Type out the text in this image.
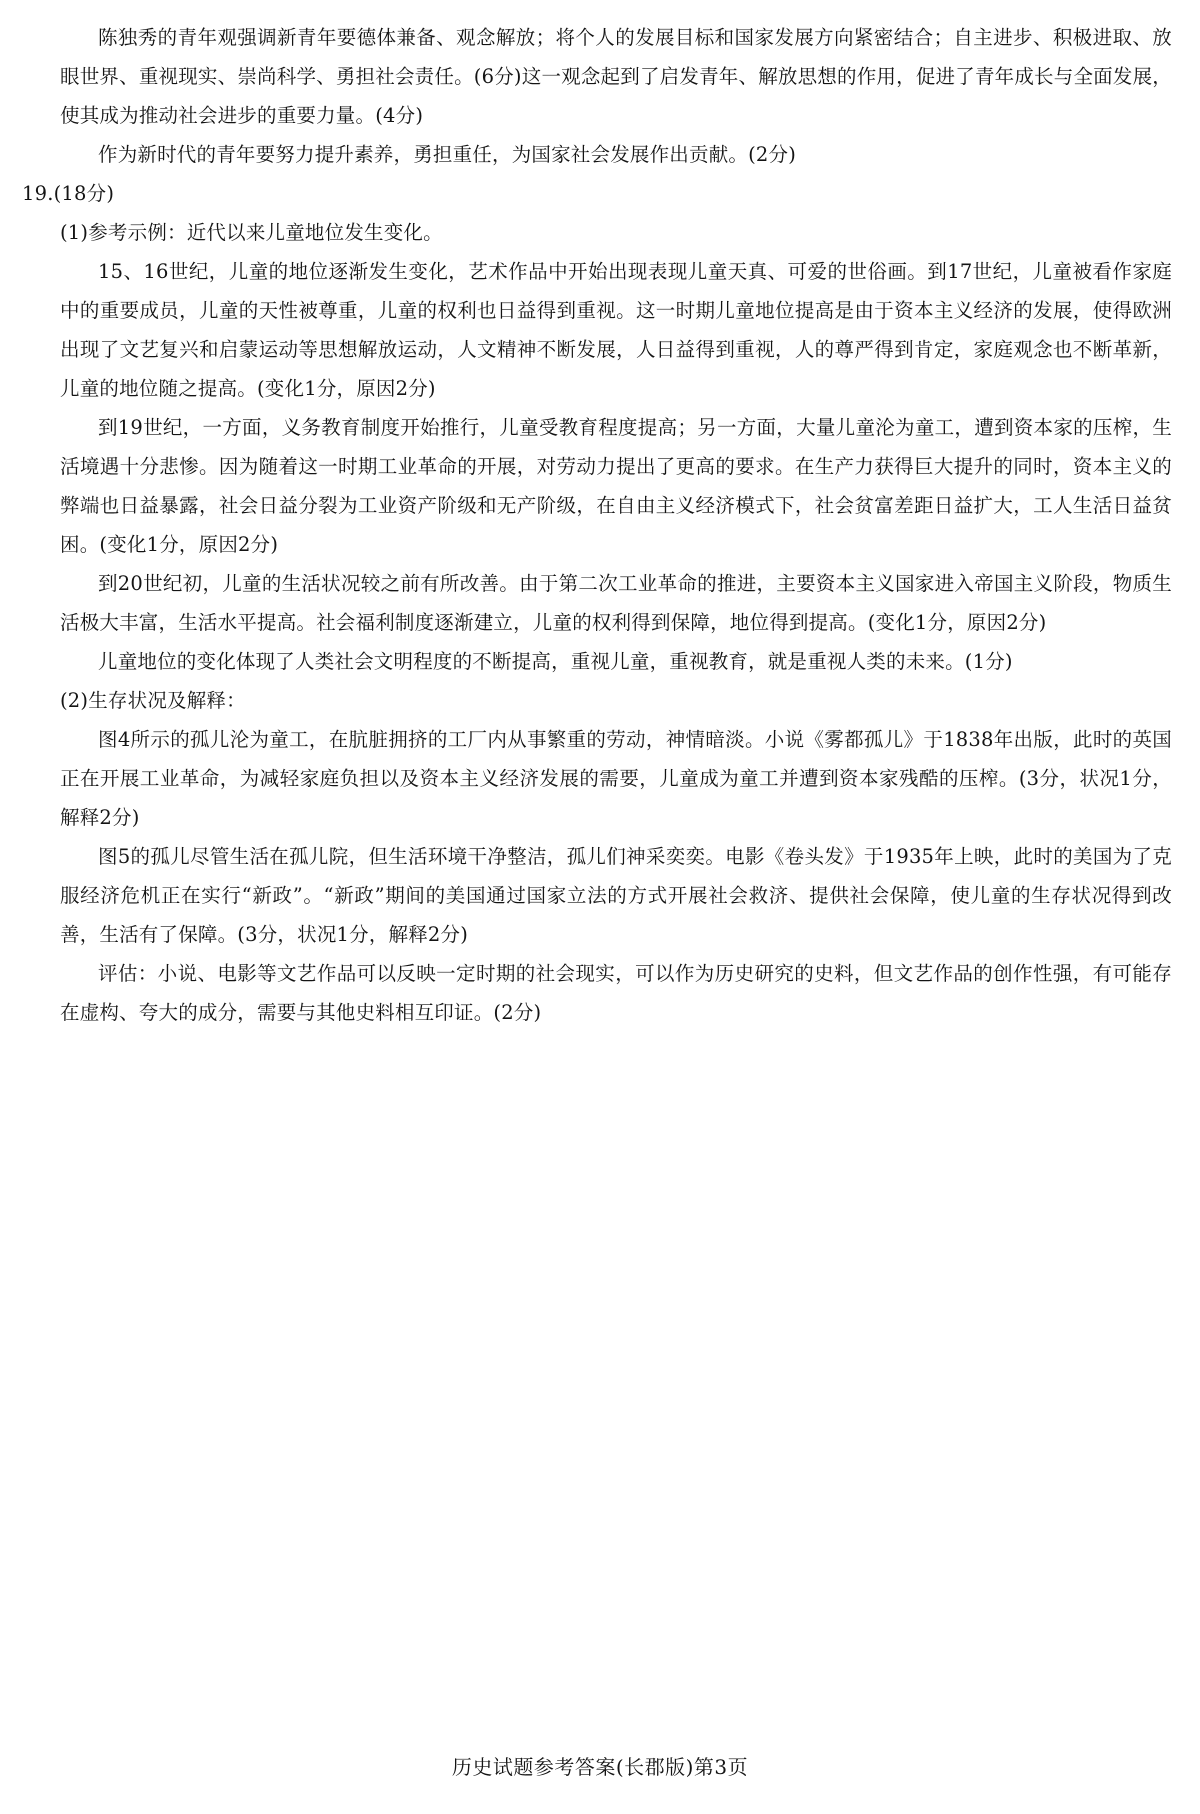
陈独秀的青年观强调新青年要德体兼备、观念解放；将个人的发展目标和国家发展方向紧密结合；自主进步、积极进取、放眼世界、重视现实、崇尚科学、勇担社会责任。(6分)这一观念起到了启发青年、解放思想的作用，促进了青年成长与全面发展，使其成为推动社会进步的重要力量。(4分)

作为新时代的青年要努力提升素养，勇担重任，为国家社会发展作出贡献。(2分)

19.(18分)

(1)参考示例：近代以来儿童地位发生变化。

15、16世纪，儿童的地位逐渐发生变化，艺术作品中开始出现表现儿童天真、可爱的世俗画。到17世纪，儿童被看作家庭中的重要成员，儿童的天性被尊重，儿童的权利也日益得到重视。这一时期儿童地位提高是由于资本主义经济的发展，使得欧洲出现了文艺复兴和启蒙运动等思想解放运动，人文精神不断发展，人日益得到重视，人的尊严得到肯定，家庭观念也不断革新，儿童的地位随之提高。(变化1分，原因2分)

到19世纪，一方面，义务教育制度开始推行，儿童受教育程度提高；另一方面，大量儿童沦为童工，遭到资本家的压榨，生活境遇十分悲惨。因为随着这一时期工业革命的开展，对劳动力提出了更高的要求。在生产力获得巨大提升的同时，资本主义的弊端也日益暴露，社会日益分裂为工业资产阶级和无产阶级，在自由主义经济模式下，社会贫富差距日益扩大，工人生活日益贫困。(变化1分，原因2分)

到20世纪初，儿童的生活状况较之前有所改善。由于第二次工业革命的推进，主要资本主义国家进入帝国主义阶段，物质生活极大丰富，生活水平提高。社会福利制度逐渐建立，儿童的权利得到保障，地位得到提高。(变化1分，原因2分)

儿童地位的变化体现了人类社会文明程度的不断提高，重视儿童，重视教育，就是重视人类的未来。(1分)

(2)生存状况及解释：

图4所示的孤儿沦为童工，在肮脏拥挤的工厂内从事繁重的劳动，神情暗淡。小说《雾都孤儿》于1838年出版，此时的英国正在开展工业革命，为减轻家庭负担以及资本主义经济发展的需要，儿童成为童工并遭到资本家残酷的压榨。(3分，状况1分，解释2分)

图5的孤儿尽管生活在孤儿院，但生活环境干净整洁，孤儿们神采奕奕。电影《卷头发》于1935年上映，此时的美国为了克服经济危机正在实行“新政”。“新政”期间的美国通过国家立法的方式开展社会救济、提供社会保障，使儿童的生存状况得到改善，生活有了保障。(3分，状况1分，解释2分)

评估：小说、电影等文艺作品可以反映一定时期的社会现实，可以作为历史研究的史料，但文艺作品的创作性强，有可能存在虚构、夸大的成分，需要与其他史料相互印证。(2分)

历史试题参考答案(长郡版)第3页
